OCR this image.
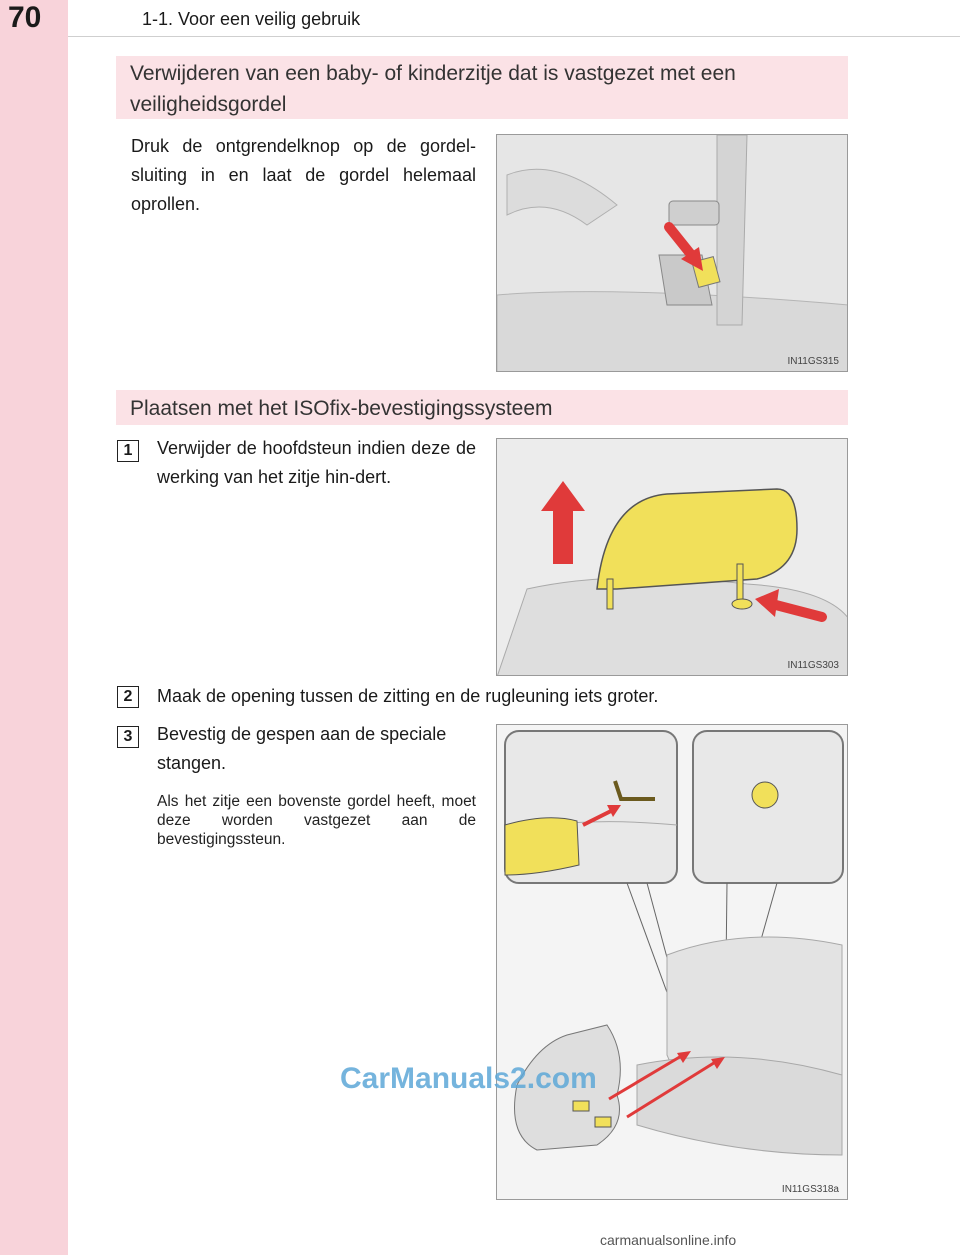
70	1-1. Voor een veilig gebruik
Verwijderen van een baby- of kinderzitje dat is vastgezet met een veiligheidsgordel
Druk de ontgrendelknop op de gordel-sluiting in en laat de gordel helemaal oprollen.
IN11GS315
Plaatsen met het ISOfix-bevestigingssysteem
1	Verwijder de hoofdsteun indien deze de werking van het zitje hin-dert.
IN11GS303
2	Maak de opening tussen de zitting en de rugleuning iets groter.
3	Bevestig de gespen aan de speciale stangen.
Als het zitje een bovenste gordel heeft, moet deze worden vastgezet aan de bevestigingssteun.
IN11GS318a
CarManuals2.com
carmanualsonline.info
